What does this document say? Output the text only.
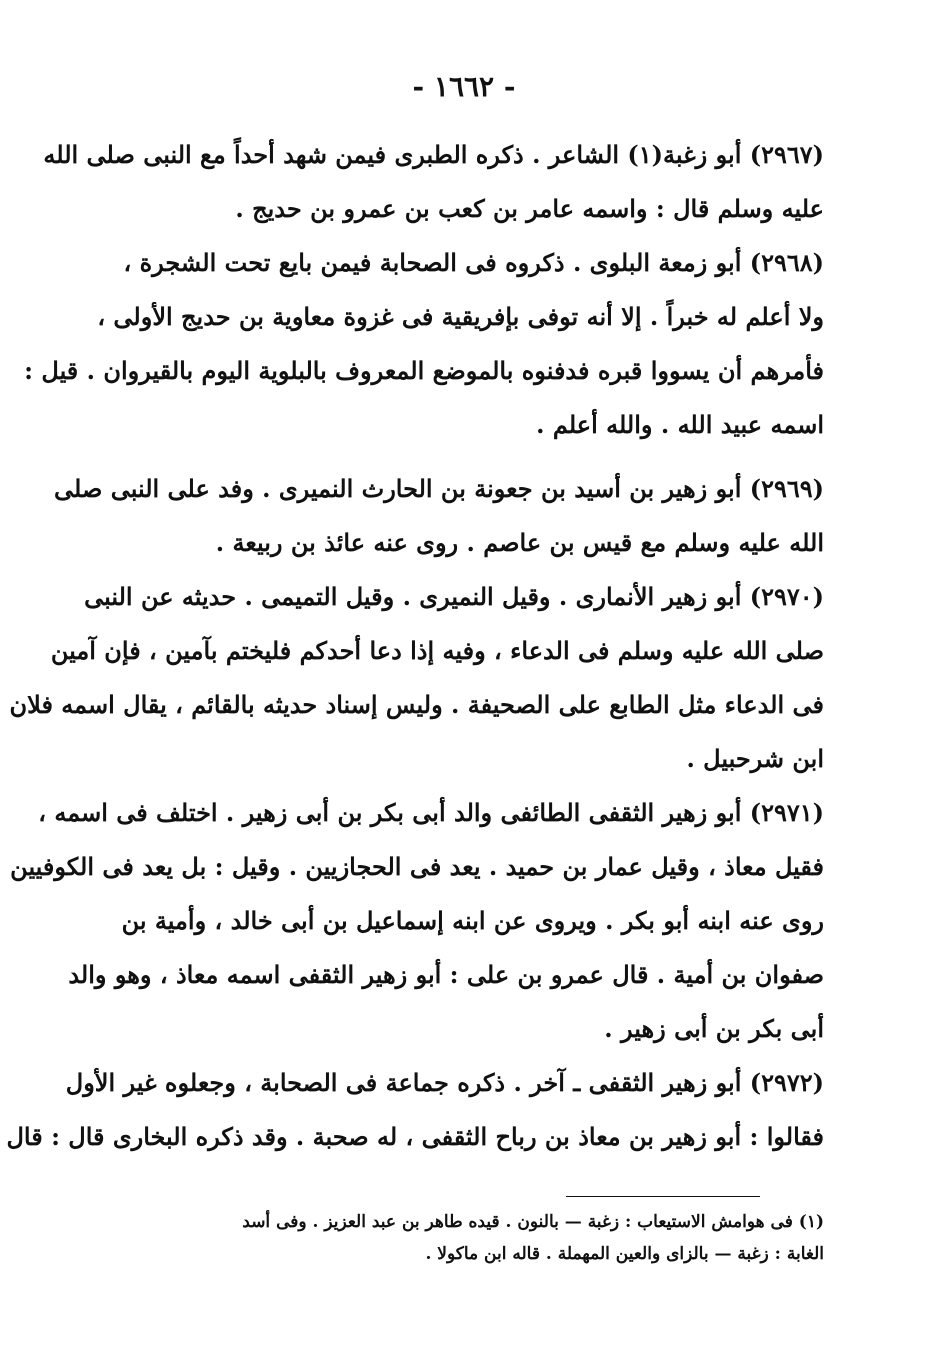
- ١٦٦٢ -
(٢٩٦٧) أبو زغبة(١) الشاعر . ذكره الطبرى فيمن شهد أحداً مع النبى صلى الله
عليه وسلم قال : واسمه عامر بن كعب بن عمرو بن حديج .
(٢٩٦٨) أبو زمعة البلوى . ذكروه فى الصحابة فيمن بايع تحت الشجرة ،
ولا أعلم له خبراً . إلا أنه توفى بإفريقية فى غزوة معاوية بن حديج الأولى ،
فأمرهم أن يسووا قبره فدفنوه بالموضع المعروف بالبلوية اليوم بالقيروان . قيل :
اسمه عبيد الله . والله أعلم .
(٢٩٦٩) أبو زهير بن أسيد بن جعونة بن الحارث النميرى . وفد على النبى صلى
الله عليه وسلم مع قيس بن عاصم . روى عنه عائذ بن ربيعة .
(٢٩٧٠) أبو زهير الأنمارى . وقيل النميرى . وقيل التميمى . حديثه عن النبى
صلى الله عليه وسلم فى الدعاء ، وفيه إذا دعا أحدكم فليختم بآمين ، فإن آمين
فى الدعاء مثل الطابع على الصحيفة . وليس إسناد حديثه بالقائم ، يقال اسمه فلان
ابن شرحبيل .
(٢٩٧١) أبو زهير الثقفى الطائفى والد أبى بكر بن أبى زهير . اختلف فى اسمه ،
فقيل معاذ ، وقيل عمار بن حميد . يعد فى الحجازيين . وقيل : بل يعد فى الكوفيين
روى عنه ابنه أبو بكر . ويروى عن ابنه إسماعيل بن أبى خالد ، وأمية بن
صفوان بن أمية . قال عمرو بن على : أبو زهير الثقفى اسمه معاذ ، وهو والد
أبى بكر بن أبى زهير .
(٢٩٧٢) أبو زهير الثقفى ـ آخر . ذكره جماعة فى الصحابة ، وجعلوه غير الأول
فقالوا : أبو زهير بن معاذ بن رباح الثقفى ، له صحبة . وقد ذكره البخارى قال : قال
(١) فى هوامش الاستيعاب : زغبة — بالنون . قيده طاهر بن عبد العزيز . وفى أسد
الغابة : زغبة — بالزاى والعين المهملة . قاله ابن ماكولا .
